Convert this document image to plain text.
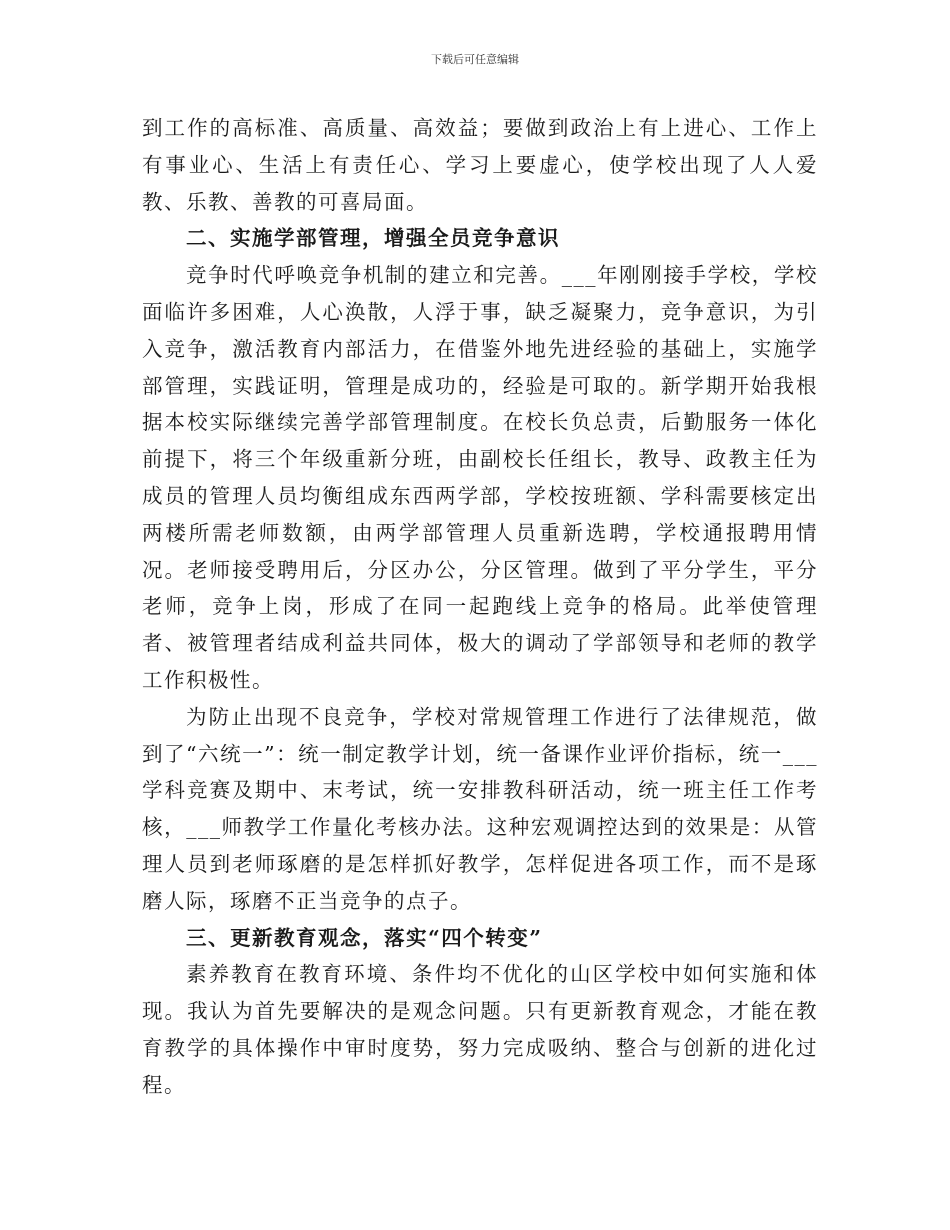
下载后可任意编辑

到工作的高标准、高质量、高效益；要做到政治上有上进心、工作上有事业心、生活上有责任心、学习上要虚心，使学校出现了人人爱教、乐教、善教的可喜局面。

二、实施学部管理，增强全员竞争意识

竞争时代呼唤竞争机制的建立和完善。___年刚刚接手学校，学校面临许多困难，人心涣散，人浮于事，缺乏凝聚力，竞争意识，为引入竞争，激活教育内部活力，在借鉴外地先进经验的基础上，实施学部管理，实践证明，管理是成功的，经验是可取的。新学期开始我根据本校实际继续完善学部管理制度。在校长负总责，后勤服务一体化前提下，将三个年级重新分班，由副校长任组长，教导、政教主任为成员的管理人员均衡组成东西两学部，学校按班额、学科需要核定出两楼所需老师数额，由两学部管理人员重新选聘，学校通报聘用情况。老师接受聘用后，分区办公，分区管理。做到了平分学生，平分老师，竞争上岗，形成了在同一起跑线上竞争的格局。此举使管理者、被管理者结成利益共同体，极大的调动了学部领导和老师的教学工作积极性。

为防止出现不良竞争，学校对常规管理工作进行了法律规范，做到了“六统一”：统一制定教学计划，统一备课作业评价指标，统一___学科竞赛及期中、末考试，统一安排教科研活动，统一班主任工作考核，___师教学工作量化考核办法。这种宏观调控达到的效果是：从管理人员到老师琢磨的是怎样抓好教学，怎样促进各项工作，而不是琢磨人际，琢磨不正当竞争的点子。

三、更新教育观念，落实“四个转变”

素养教育在教育环境、条件均不优化的山区学校中如何实施和体现。我认为首先要解决的是观念问题。只有更新教育观念，才能在教育教学的具体操作中审时度势，努力完成吸纳、整合与创新的进化过程。
